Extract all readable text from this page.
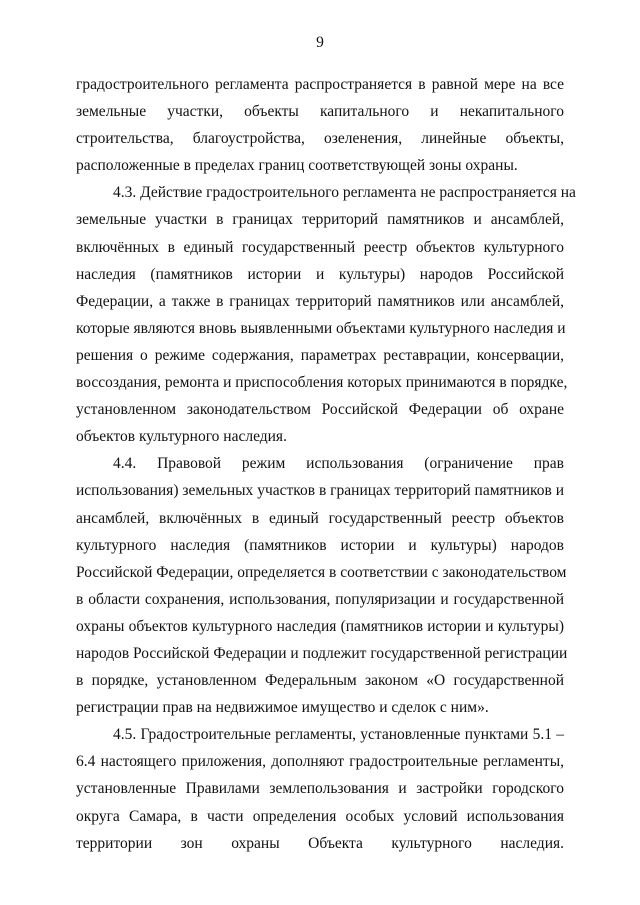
9

градостроительного регламента распространяется в равной мере на все
земельные участки, объекты капитального и некапитального
строительства, благоустройства, озеленения, линейные объекты,
расположенные в пределах границ соответствующей зоны охраны.

4.3. Действие градостроительного регламента не распространяется на
земельные участки в границах территорий памятников и ансамблей,
включённых в единый государственный реестр объектов культурного
наследия (памятников истории и культуры) народов Российской
Федерации, а также в границах территорий памятников или ансамблей,
которые являются вновь выявленными объектами культурного наследия и
решения о режиме содержания, параметрах реставрации, консервации,
воссоздания, ремонта и приспособления которых принимаются в порядке,
установленном законодательством Российской Федерации об охране
объектов культурного наследия.

4.4. Правовой режим использования (ограничение прав
использования) земельных участков в границах территорий памятников и
ансамблей, включённых в единый государственный реестр объектов
культурного наследия (памятников истории и культуры) народов
Российской Федерации, определяется в соответствии с законодательством
в области сохранения, использования, популяризации и государственной
охраны объектов культурного наследия (памятников истории и культуры)
народов Российской Федерации и подлежит государственной регистрации
в порядке, установленном Федеральным законом «О государственной
регистрации прав на недвижимое имущество и сделок с ним».

4.5. Градостроительные регламенты, установленные пунктами 5.1 –
6.4 настоящего приложения, дополняют градостроительные регламенты,
установленные Правилами землепользования и застройки городского
округа Самара, в части определения особых условий использования
территории зон охраны Объекта культурного наследия.
